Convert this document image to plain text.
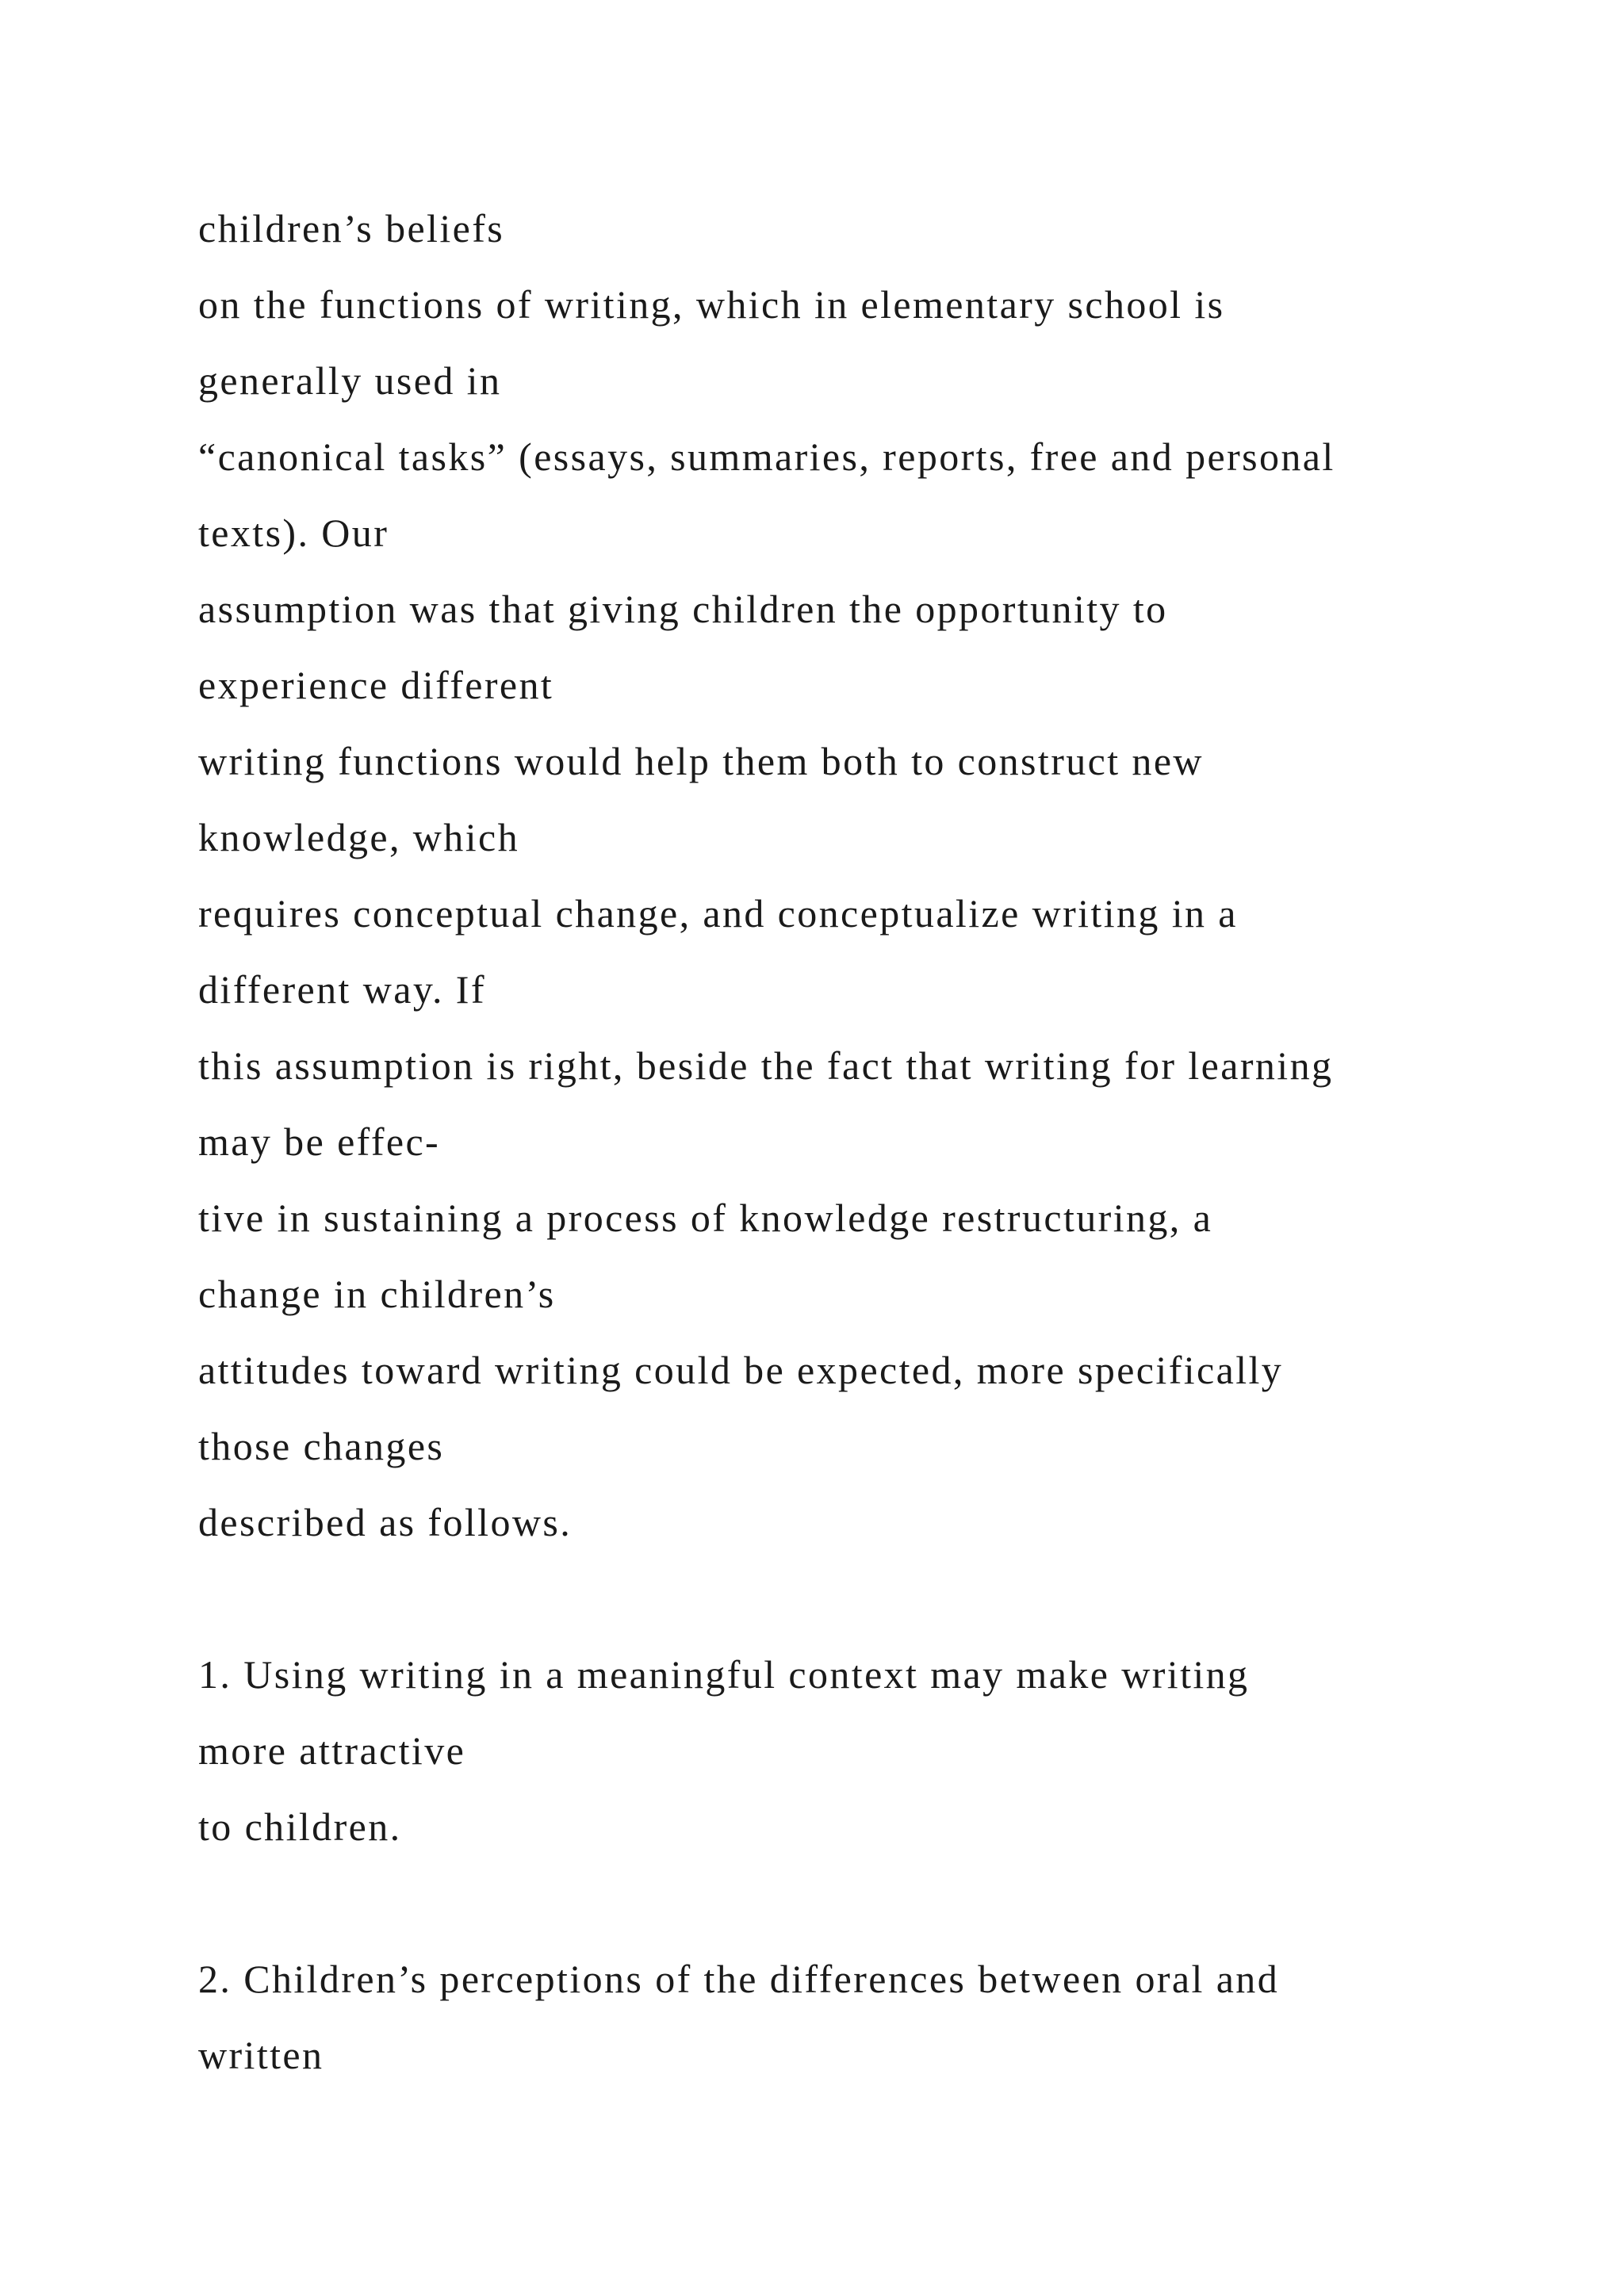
children’s beliefs
on the functions of writing, which in elementary school is
generally used in
“canonical tasks” (essays, summaries, reports, free and personal
texts). Our
assumption was that giving children the opportunity to
experience different
writing functions would help them both to construct new
knowledge, which
requires conceptual change, and conceptualize writing in a
different way. If
this assumption is right, beside the fact that writing for learning
may be effec-
tive in sustaining a process of knowledge restructuring, a
change in children’s
attitudes toward writing could be expected, more specifically
those changes
described as follows.
1. Using writing in a meaningful context may make writing
more attractive
to children.
2. Children’s perceptions of the differences between oral and
written
